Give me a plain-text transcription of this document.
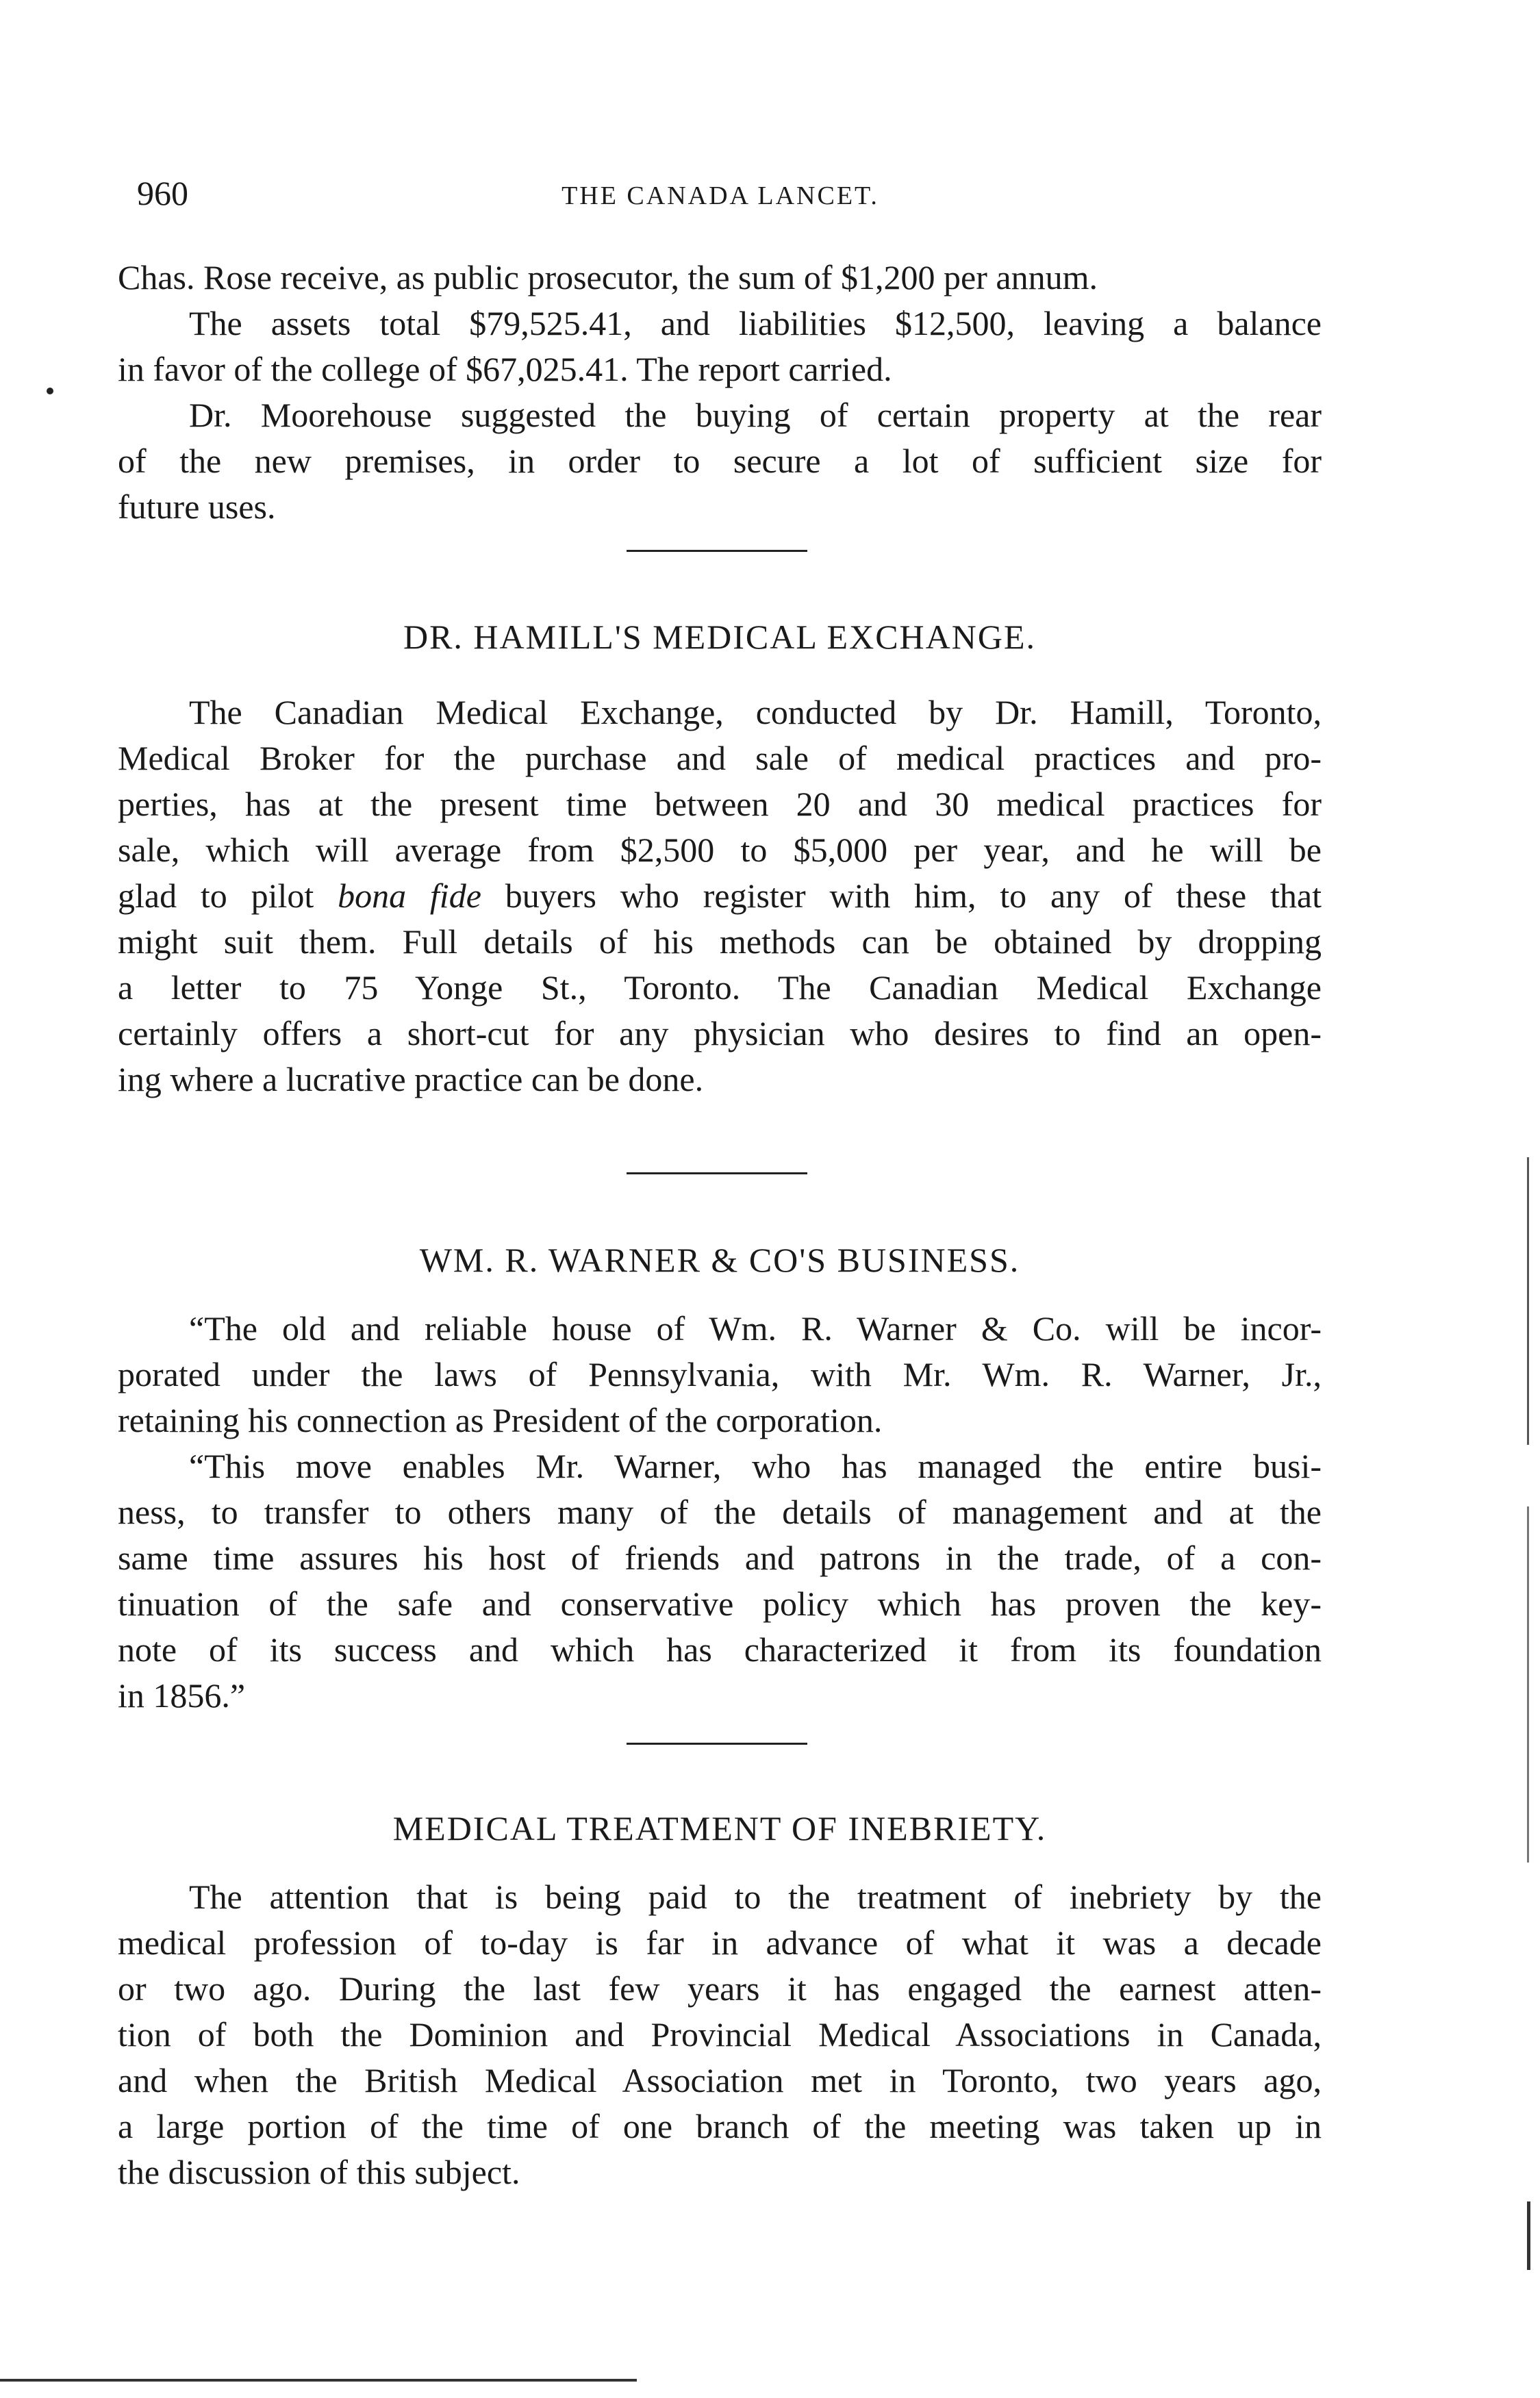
960	THE CANADA LANCET.
Chas. Rose receive, as public prosecutor, the sum of $1,200 per annum.
The assets total $79,525.41, and liabilities $12,500, leaving a balance
in favor of the college of $67,025.41. The report carried.
Dr. Moorehouse suggested the buying of certain property at the rear
of the new premises, in order to secure a lot of sufficient size for
future uses.
DR. HAMILL'S MEDICAL EXCHANGE.
The Canadian Medical Exchange, conducted by Dr. Hamill, Toronto,
Medical Broker for the purchase and sale of medical practices and pro-
perties, has at the present time between 20 and 30 medical practices for
sale, which will average from $2,500 to $5,000 per year, and he will be
glad to pilot bona fide buyers who register with him, to any of these that
might suit them. Full details of his methods can be obtained by dropping
a letter to 75 Yonge St., Toronto. The Canadian Medical Exchange
certainly offers a short-cut for any physician who desires to find an open-
ing where a lucrative practice can be done.
WM. R. WARNER & CO'S BUSINESS.
“The old and reliable house of Wm. R. Warner & Co. will be incor-
porated under the laws of Pennsylvania, with Mr. Wm. R. Warner, Jr.,
retaining his connection as President of the corporation.
“This move enables Mr. Warner, who has managed the entire busi-
ness, to transfer to others many of the details of management and at the
same time assures his host of friends and patrons in the trade, of a con-
tinuation of the safe and conservative policy which has proven the key-
note of its success and which has characterized it from its foundation
in 1856.”
MEDICAL TREATMENT OF INEBRIETY.
The attention that is being paid to the treatment of inebriety by the
medical profession of to-day is far in advance of what it was a decade
or two ago. During the last few years it has engaged the earnest atten-
tion of both the Dominion and Provincial Medical Associations in Canada,
and when the British Medical Association met in Toronto, two years ago,
a large portion of the time of one branch of the meeting was taken up in
the discussion of this subject.
